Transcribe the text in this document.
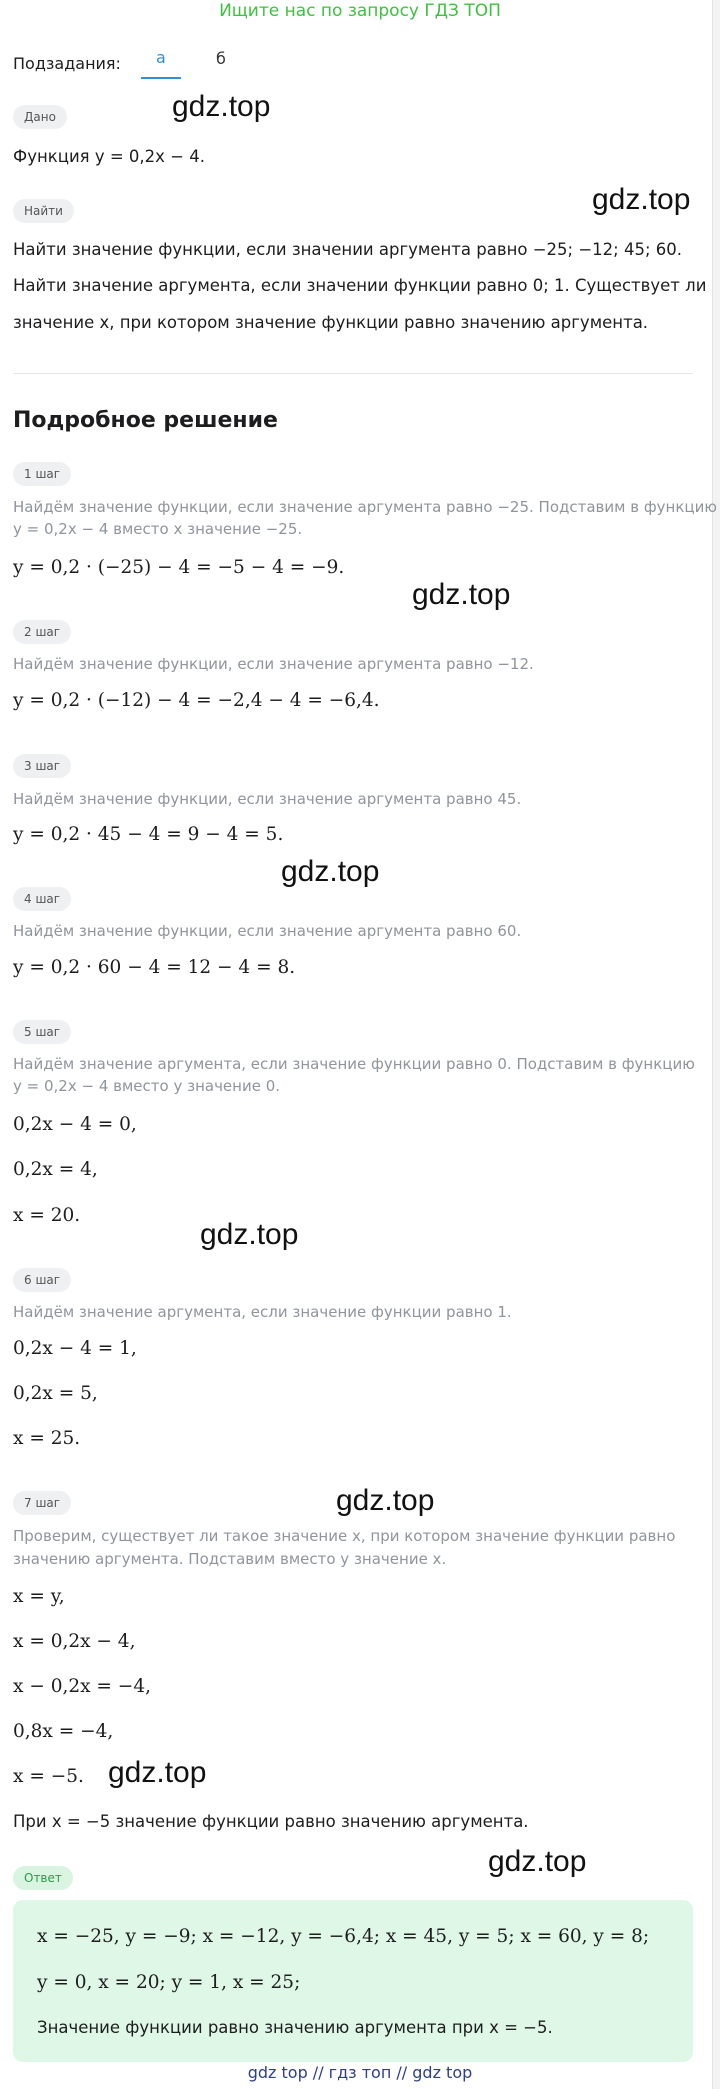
Ищите нас по запросу ГДЗ ТОП
Подзадания:	а	б
Дано
Функция y = 0,2x − 4.
Найти
Найти значение функции, если значении аргумента равно −25; −12; 45; 60.
Найти значение аргумента, если значении функции равно 0; 1. Существует ли
значение x, при котором значение функции равно значению аргумента.
Подробное решение
1 шаг
Найдём значение функции, если значение аргумента равно −25. Подставим в функцию
y = 0,2x − 4 вместо x значение −25.
y = 0,2 · (−25) − 4 = −5 − 4 = −9.
2 шаг
Найдём значение функции, если значение аргумента равно −12.
y = 0,2 · (−12) − 4 = −2,4 − 4 = −6,4.
3 шаг
Найдём значение функции, если значение аргумента равно 45.
y = 0,2 · 45 − 4 = 9 − 4 = 5.
4 шаг
Найдём значение функции, если значение аргумента равно 60.
y = 0,2 · 60 − 4 = 12 − 4 = 8.
5 шаг
Найдём значение аргумента, если значение функции равно 0. Подставим в функцию
y = 0,2x − 4 вместо y значение 0.
0,2x − 4 = 0,
0,2x = 4,
x = 20.
6 шаг
Найдём значение аргумента, если значение функции равно 1.
0,2x − 4 = 1,
0,2x = 5,
x = 25.
7 шаг
Проверим, существует ли такое значение x, при котором значение функции равно
значению аргумента. Подставим вместо y значение x.
x = y,
x = 0,2x − 4,
x − 0,2x = −4,
0,8x = −4,
x = −5.
При x = −5 значение функции равно значению аргумента.
Ответ
x = −25, y = −9; x = −12, y = −6,4; x = 45, y = 5; x = 60, y = 8;
y = 0, x = 20; y = 1, x = 25;
Значение функции равно значению аргумента при x = −5.
gdz.top
gdz.top
gdz.top
gdz.top
gdz.top
gdz.top
gdz.top
gdz.top
gdz top // гдз топ // gdz top
